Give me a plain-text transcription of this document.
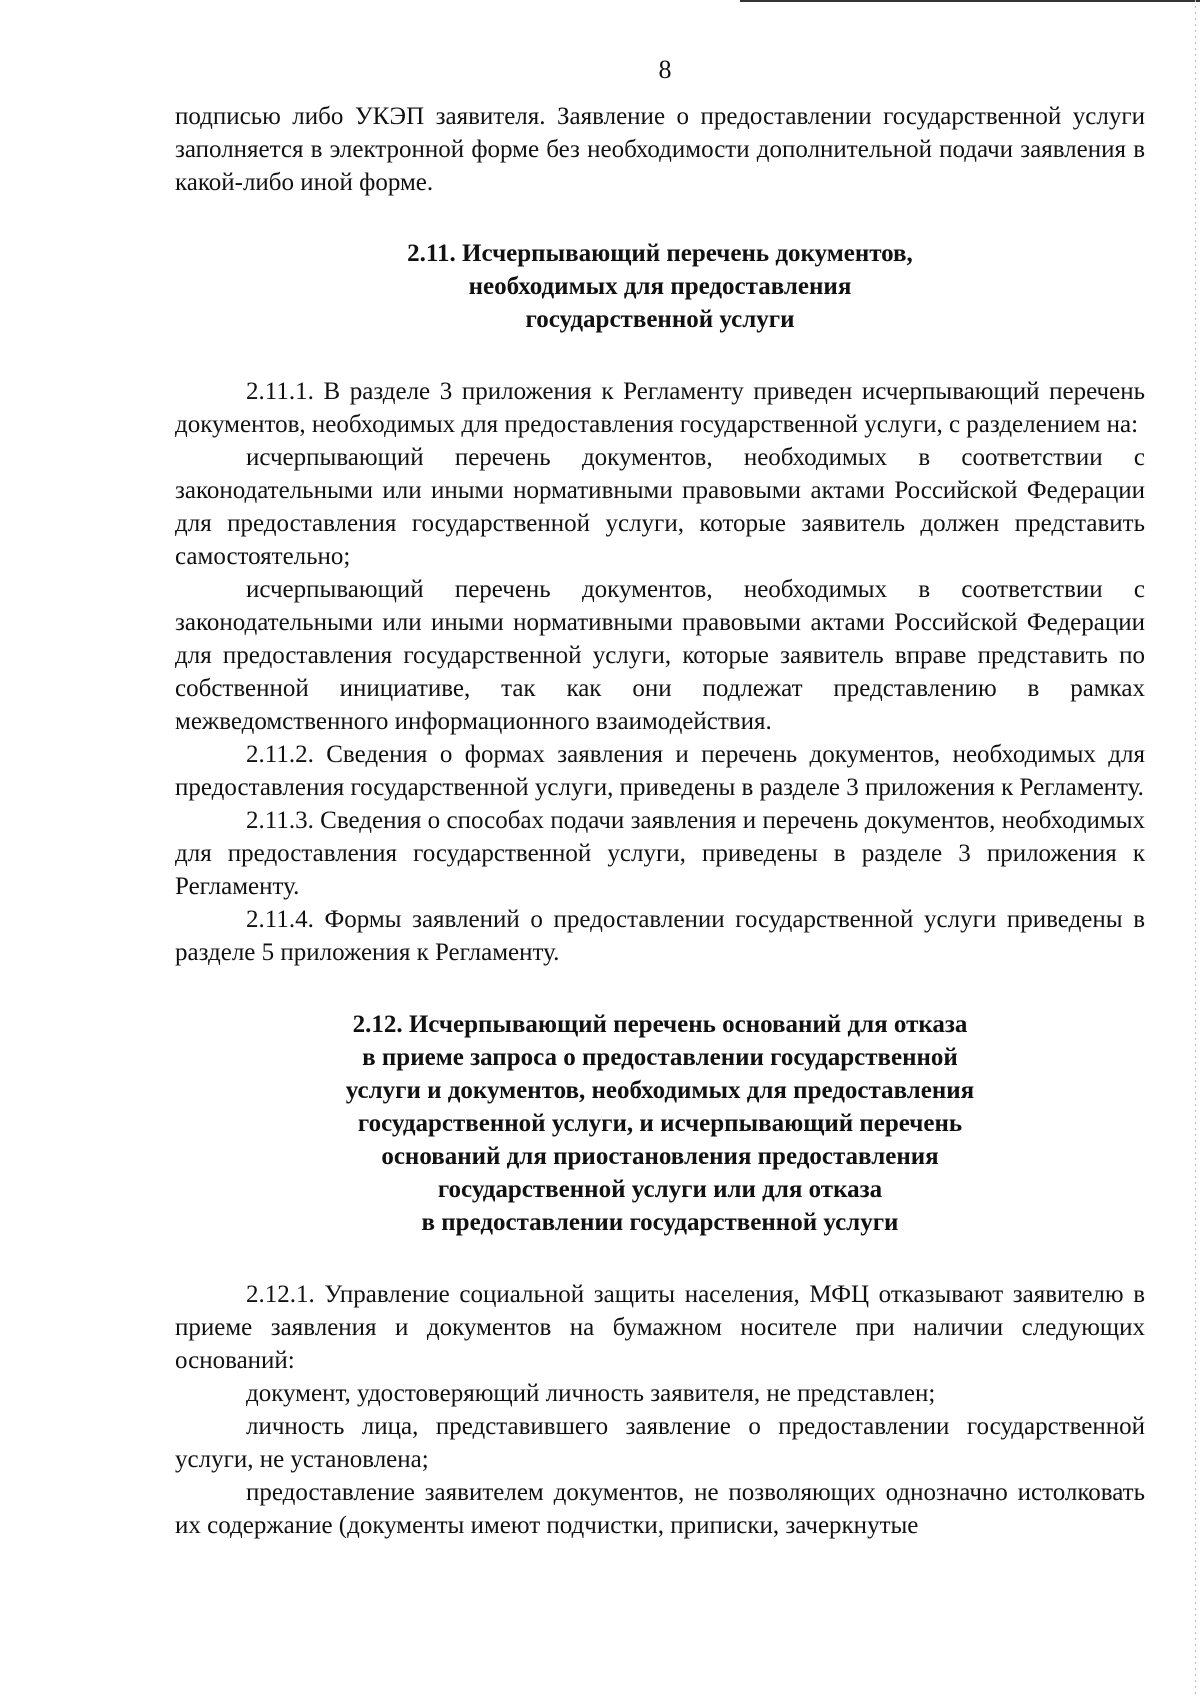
8

подписью либо УКЭП заявителя. Заявление о предоставлении государственной услуги заполняется в электронной форме без необходимости дополнительной подачи заявления в какой-либо иной форме.

2.11. Исчерпывающий перечень документов,
необходимых для предоставления
государственной услуги

2.11.1. В разделе 3 приложения к Регламенту приведен исчерпывающий перечень документов, необходимых для предоставления государственной услуги, с разделением на:

исчерпывающий перечень документов, необходимых в соответствии с законодательными или иными нормативными правовыми актами Российской Федерации для предоставления государственной услуги, которые заявитель должен представить самостоятельно;

исчерпывающий перечень документов, необходимых в соответствии с законодательными или иными нормативными правовыми актами Российской Федерации для предоставления государственной услуги, которые заявитель вправе представить по собственной инициативе, так как они подлежат представлению в рамках межведомственного информационного взаимодействия.

2.11.2. Сведения о формах заявления и перечень документов, необходимых для предоставления государственной услуги, приведены в разделе 3 приложения к Регламенту.

2.11.3. Сведения о способах подачи заявления и перечень документов, необходимых для предоставления государственной услуги, приведены в разделе 3 приложения к Регламенту.

2.11.4. Формы заявлений о предоставлении государственной услуги приведены в разделе 5 приложения к Регламенту.

2.12. Исчерпывающий перечень оснований для отказа
в приеме запроса о предоставлении государственной
услуги и документов, необходимых для предоставления
государственной услуги, и исчерпывающий перечень
оснований для приостановления предоставления
государственной услуги или для отказа
в предоставлении государственной услуги

2.12.1. Управление социальной защиты населения, МФЦ отказывают заявителю в приеме заявления и документов на бумажном носителе при наличии следующих оснований:

документ, удостоверяющий личность заявителя, не представлен;

личность лица, представившего заявление о предоставлении государственной услуги, не установлена;

предоставление заявителем документов, не позволяющих однозначно истолковать их содержание (документы имеют подчистки, приписки, зачеркнутые
